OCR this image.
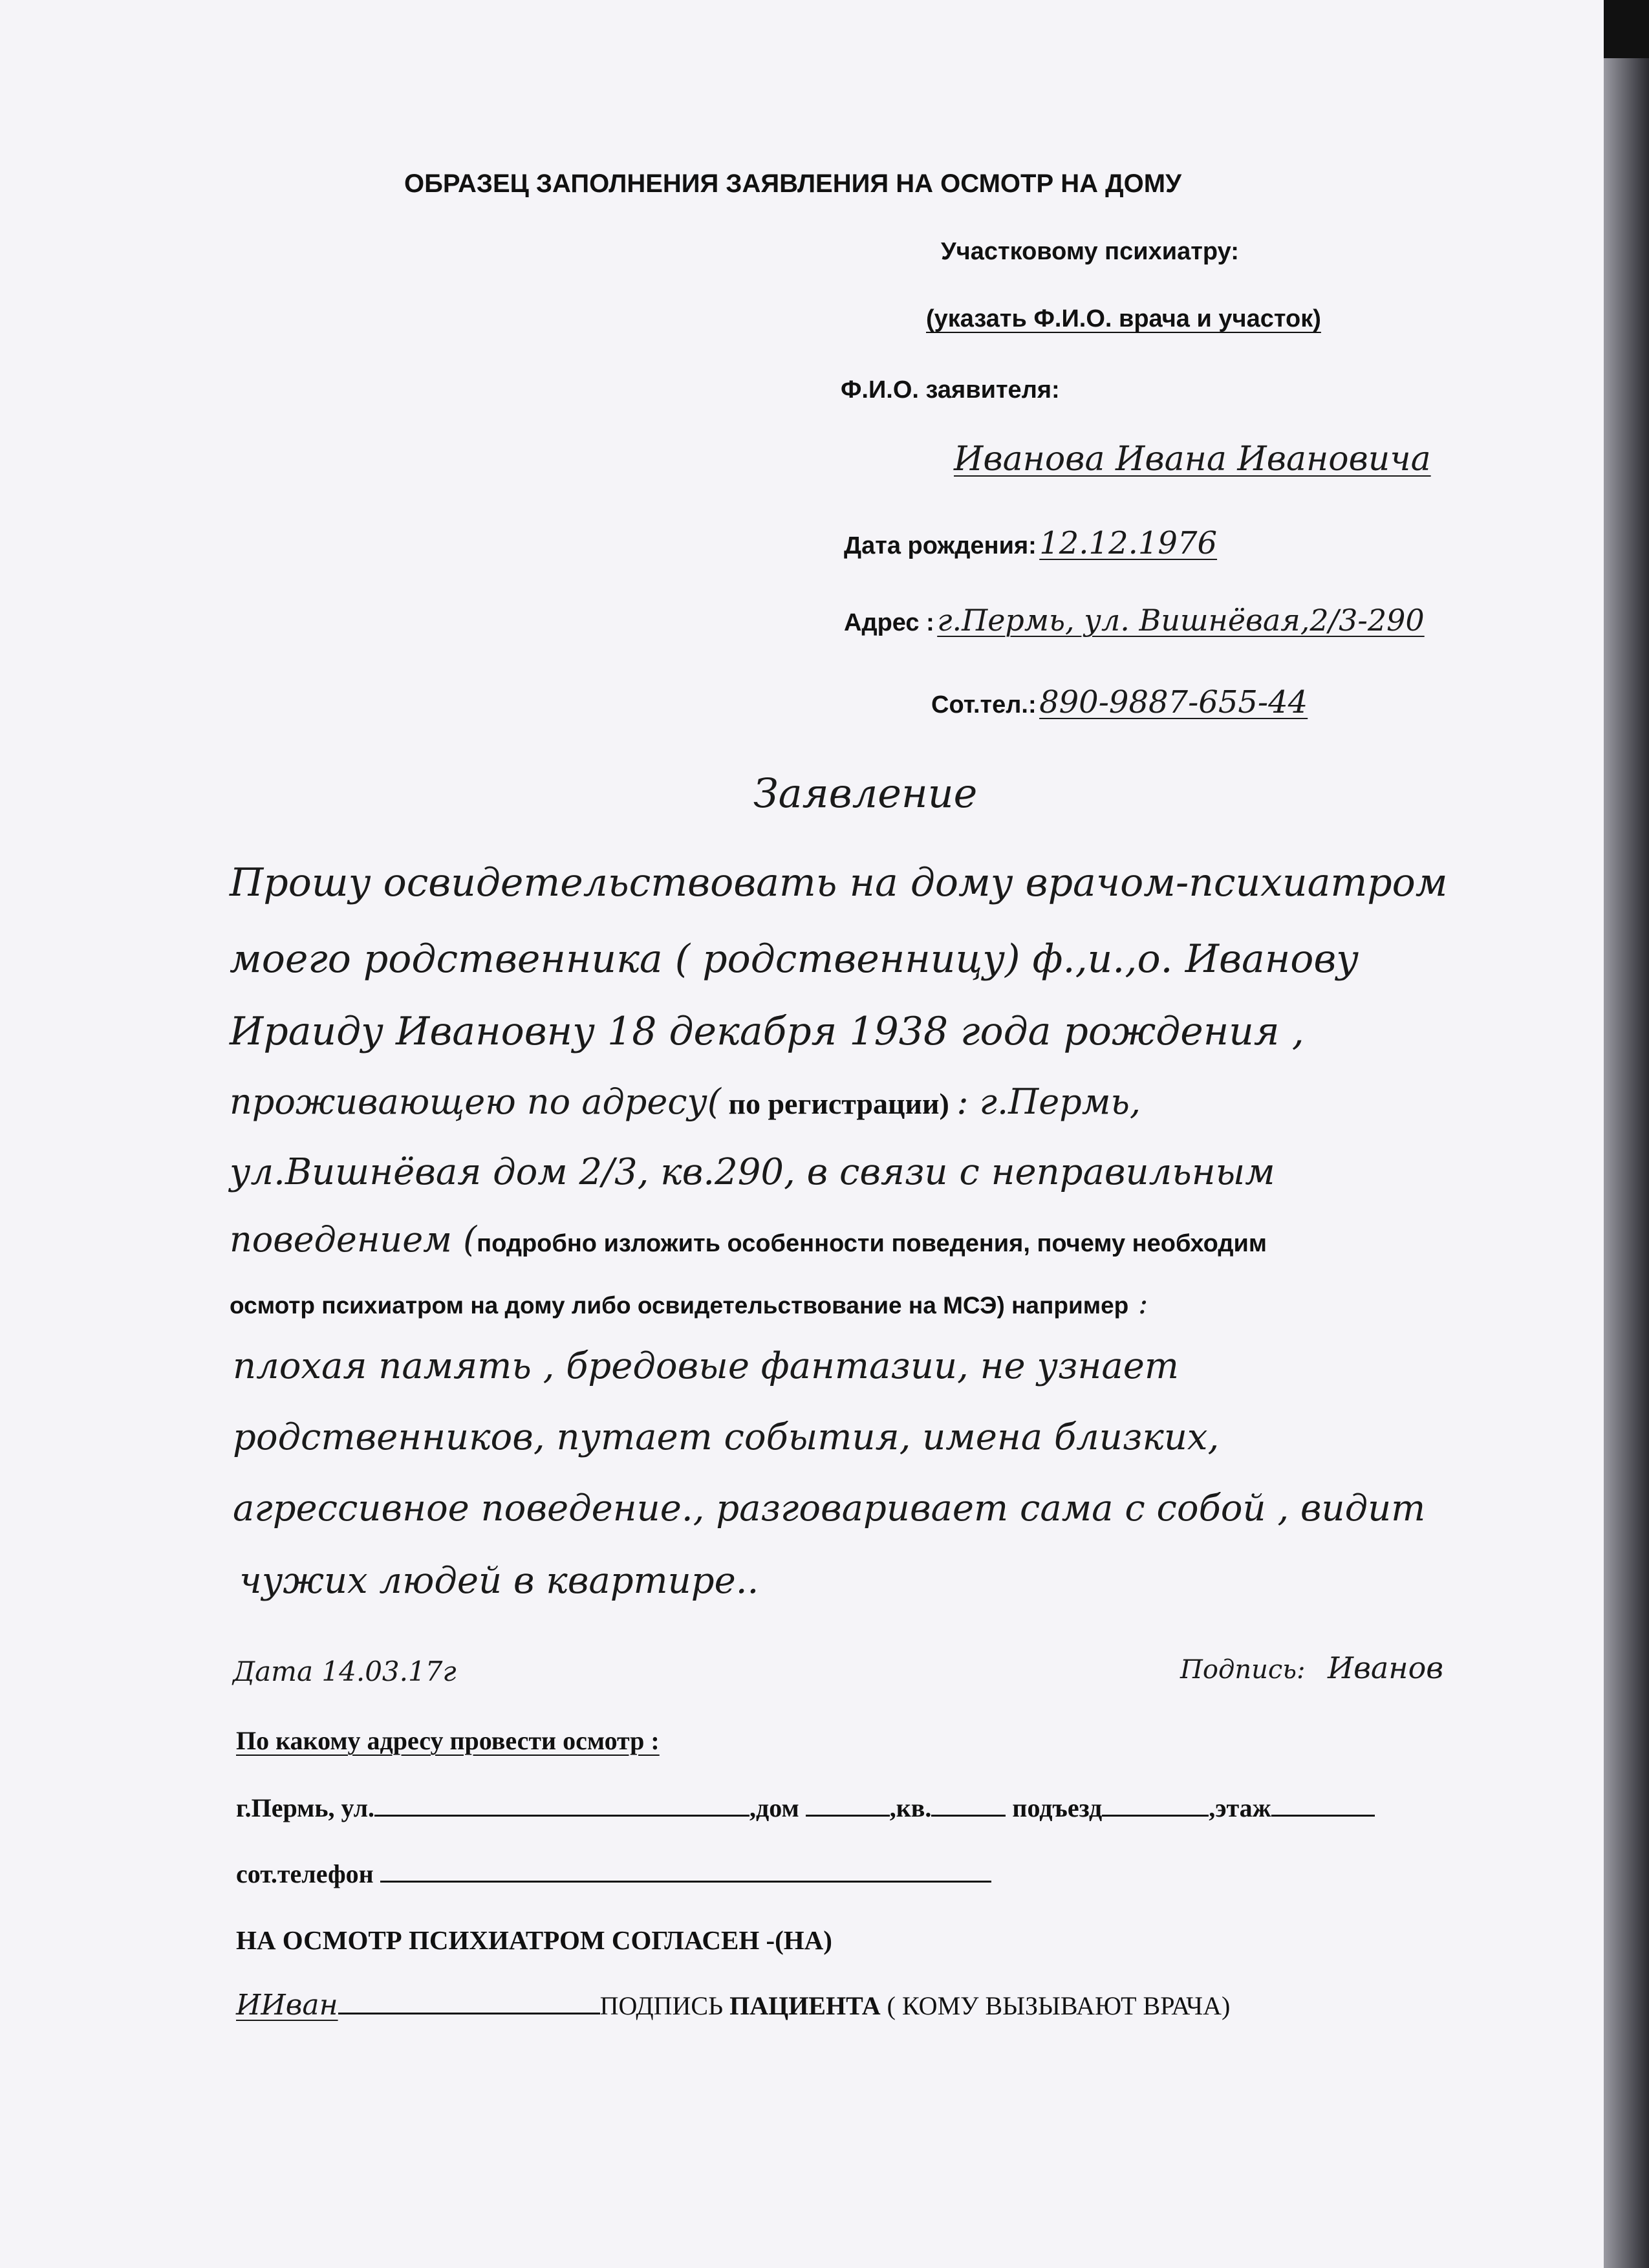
ОБРАЗЕЦ ЗАПОЛНЕНИЯ ЗАЯВЛЕНИЯ НА ОСМОТР НА ДОМУ
Участковому психиатру:
(указать Ф.И.О. врача и участок)
Ф.И.О. заявителя:
Иванова Ивана Ивановича
Дата рождения: 12.12.1976
Адрес : г.Пермь, ул. Вишнёвая,2/3-290
Сот.тел.: 890-9887-655-44
Заявление
Прошу освидетельствовать на дому врачом-психиатром
моего родственника ( родственницу) ф.,и.,о. Иванову
Ираиду Ивановну 18 декабря 1938 года рождения ,
проживающею по адресу( по регистрации) : г.Пермь,
ул.Вишнёвая дом 2/3, кв.290, в связи с неправильным
поведением (подробно изложить особенности поведения, почему необходим
осмотр психиатром на дому либо освидетельствование на МСЭ) например :
плохая память , бредовые фантазии, не узнает
родственников, путает события, имена близких,
агрессивное поведение., разговаривает сама с собой , видит
чужих людей в квартире..
Дата 14.03.17г	Подпись: Иванов
По какому адресу провести осмотр :
г.Пермь, ул.	,дом	,кв.	подъезд	,этаж
сот.телефон
НА ОСМОТР ПСИХИАТРОМ СОГЛАСЕН -(НА)
ИИван	ПОДПИСЬ ПАЦИЕНТА ( КОМУ ВЫЗЫВАЮТ ВРАЧА)
